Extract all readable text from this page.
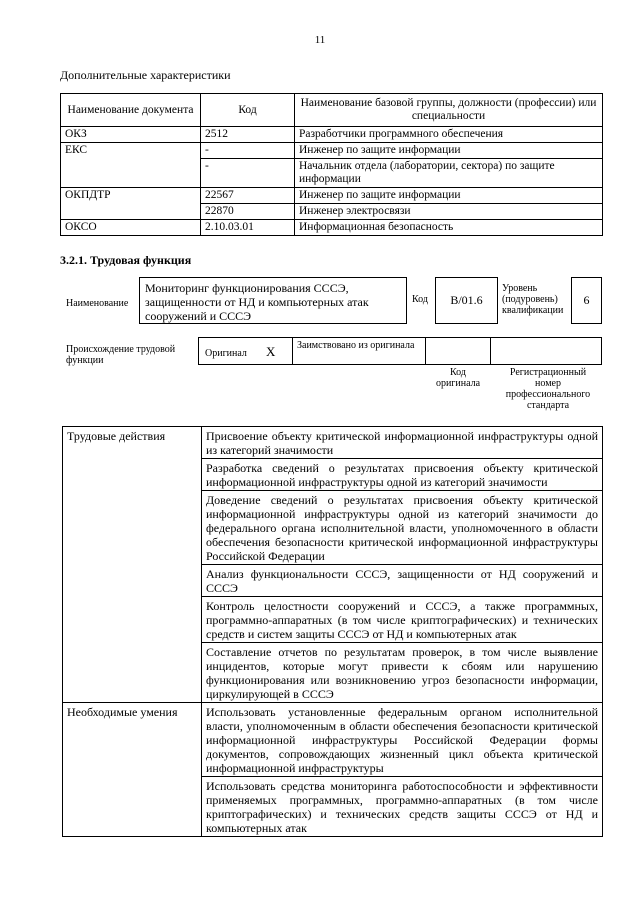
11
Дополнительные характеристики
Наименование документа	Код	Наименование базовой группы, должности (профессии) или специальности
ОКЗ	2512	Разработчики программного обеспечения
ЕКС	-	Инженер по защите информации
	-	Начальник отдела (лаборатории, сектора) по защите информации
ОКПДТР	22567	Инженер по защите информации
	22870	Инженер электросвязи
ОКСО	2.10.03.01	Информационная безопасность
3.2.1. Трудовая функция
Наименование
Мониторинг функционирования СССЭ, защищенности от НД и компьютерных атак сооружений и СССЭ
Код	B/01.6
Уровень (подуровень) квалификации
6
Происхождение трудовой функции
Оригинал X Заимствовано из оригинала
Код оригинала
Регистрационный номер профессионального стандарта
Трудовые действия	Присвоение объекту критической информационной инфраструктуры одной из категорий значимости
	Разработка сведений о результатах присвоения объекту критической информационной инфраструктуры одной из категорий значимости
	Доведение сведений о результатах присвоения объекту критической информационной инфраструктуры одной из категорий значимости до федерального органа исполнительной власти, уполномоченного в области обеспечения безопасности критической информационной инфраструктуры Российской Федерации
	Анализ функциональности СССЭ, защищенности от НД сооружений и СССЭ
	Контроль целостности сооружений и СССЭ, а также программных, программно-аппаратных (в том числе криптографических) и технических средств и систем защиты СССЭ от НД и компьютерных атак
	Составление отчетов по результатам проверок, в том числе выявление инцидентов, которые могут привести к сбоям или нарушению функционирования или возникновению угроз безопасности информации, циркулирующей в СССЭ
Необходимые умения	Использовать установленные федеральным органом исполнительной власти, уполномоченным в области обеспечения безопасности критической информационной инфраструктуры Российской Федерации формы документов, сопровождающих жизненный цикл объекта критической информационной инфраструктуры
	Использовать средства мониторинга работоспособности и эффективности применяемых программных, программно-аппаратных (в том числе криптографических) и технических средств защиты СССЭ от НД и компьютерных атак
